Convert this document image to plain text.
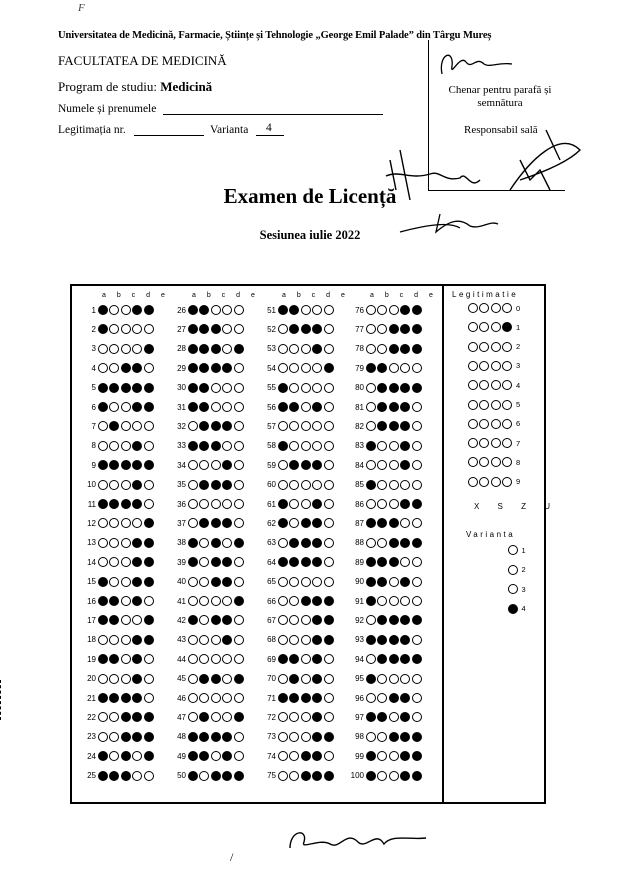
F
Universitatea de Medicină, Farmacie, Științe și Tehnologie „George Emil Palade” din Târgu Mureș
FACULTATEA DE MEDICINĂ
Program de studiu: Medicină
Numele și prenumele
Legitimația nr.	Varianta 4
Chenar pentru parafă și semnătura
Responsabil sală
Examen de Licență
Sesiunea iulie 2022
a b c d e
1
2
3
4
5
6
7
8
9
10
11
12
13
14
15
16
17
18
19
20
21
22
23
24
25
a b c d e
26
27
28
29
30
31
32
33
34
35
36
37
38
39
40
41
42
43
44
45
46
47
48
49
50
a b c d e
51
52
53
54
55
56
57
58
59
60
61
62
63
64
65
66
67
68
69
70
71
72
73
74
75
a b c d e
76
77
78
79
80
81
82
83
84
85
86
87
88
89
90
91
92
93
94
95
96
97
98
99
100
Legitimatie
0
1
2
3
4
5
6
7
8
9
X S Z U
Varianta
1
2
3
4
/
